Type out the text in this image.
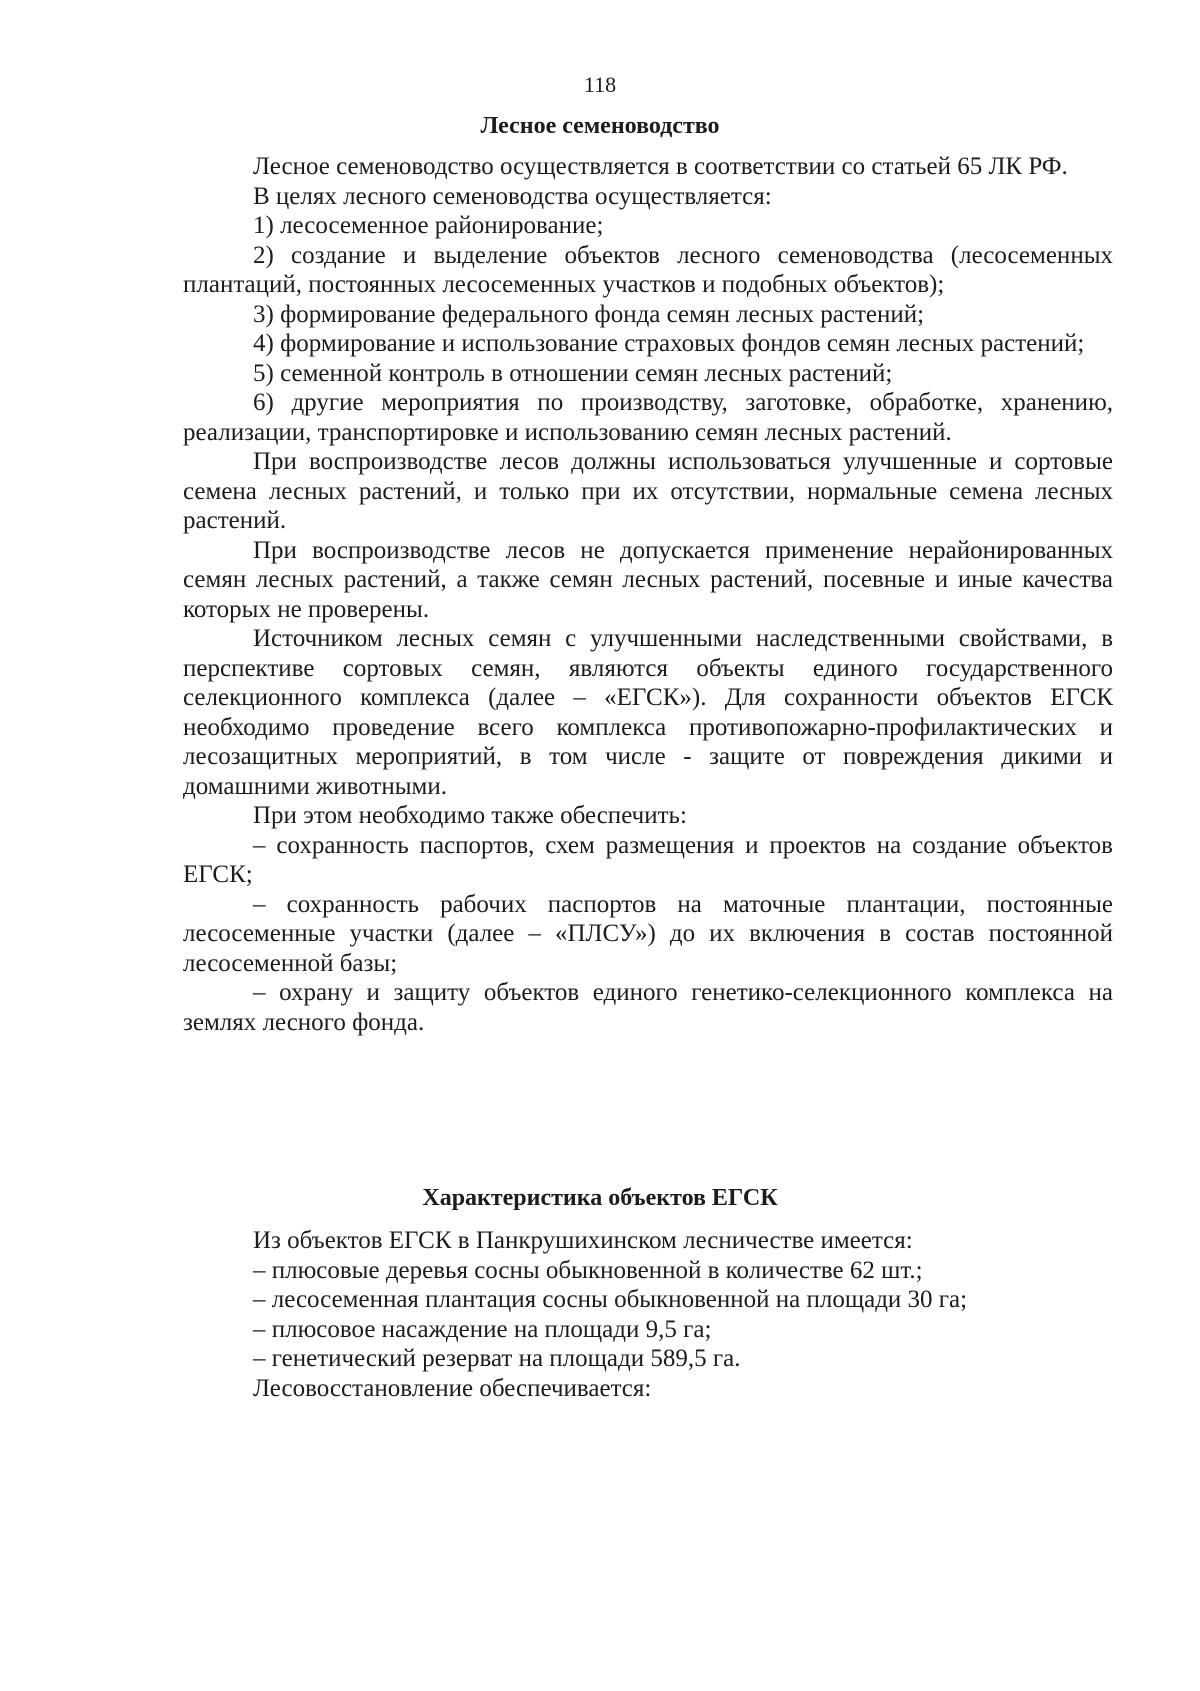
118
Лесное семеноводство

Лесное семеноводство осуществляется в соответствии со статьей 65 ЛК РФ.

В целях лесного семеноводства осуществляется:

1) лесосеменное районирование;

2) создание и выделение объектов лесного семеноводства (лесосеменных плантаций, постоянных лесосеменных участков и подобных объектов);

3) формирование федерального фонда семян лесных растений;

4) формирование и использование страховых фондов семян лесных растений;

5) семенной контроль в отношении семян лесных растений;

6) другие мероприятия по производству, заготовке, обработке, хранению, реализации, транспортировке и использованию семян лесных растений.

При воспроизводстве лесов должны использоваться улучшенные и сортовые семена лесных растений, и только при их отсутствии, нормальные семена лесных растений.

При воспроизводстве лесов не допускается применение нерайонированных семян лесных растений, а также семян лесных растений, посевные и иные качества которых не проверены.

Источником лесных семян с улучшенными наследственными свойствами, в перспективе сортовых семян, являются объекты единого государственного селекционного комплекса (далее – «ЕГСК»). Для сохранности объектов ЕГСК необходимо проведение всего комплекса противопожарно-профилактических и лесозащитных мероприятий, в том числе - защите от повреждения дикими и домашними животными.

При этом необходимо также обеспечить:

– сохранность паспортов, схем размещения и проектов на создание объектов ЕГСК;

– сохранность рабочих паспортов на маточные плантации, постоянные лесосеменные участки (далее – «ПЛСУ») до их включения в состав постоянной лесосеменной базы;

– охрану и защиту объектов единого генетико-селекционного комплекса на землях лесного фонда.

Характеристика объектов ЕГСК

Из объектов ЕГСК в Панкрушихинском лесничестве имеется:

– плюсовые деревья сосны обыкновенной в количестве 62 шт.;

– лесосеменная плантация сосны обыкновенной на площади 30 га;

– плюсовое насаждение на площади 9,5 га;

– генетический резерват на площади 589,5 га.

Лесовосстановление обеспечивается:
